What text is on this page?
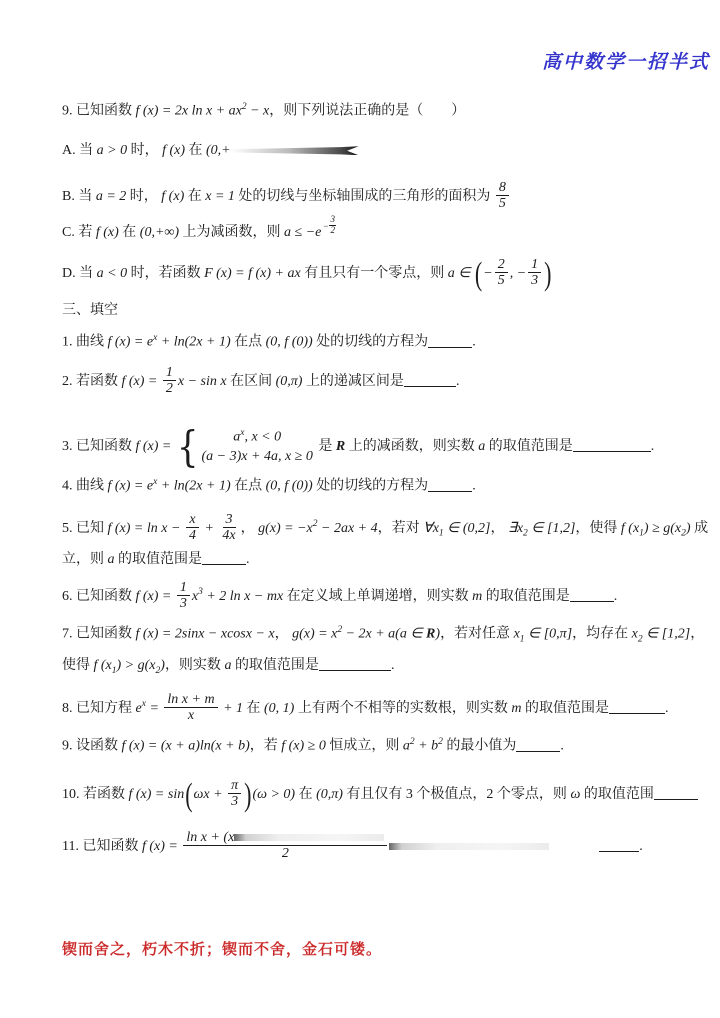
高中数学一招半式
9. 已知函数 f (x) = 2x $\ln x + ax^2 - x$，则下列说法正确的是（　　）
A. 当 a > 0 时， f (x) 在 (0,+
B. 当 a = 2 时， f (x) 在 x = 1 处的切线与坐标轴围成的三角形的面积为 $\frac{8}{5}$
C. 若 f (x) 在 (0,+∞) 上为减函数，则 $a \le -e - \frac{3}{2}$
D. 当 a < 0 时，若函数 F (x) = f (x) + ax 有且只有一个零点，则 a ∈ (− $\frac{2}{5}$ , − $\frac{1}{3}$ )
三、填空
1. 曲线 f $(x) = e^x + \ln(2x + 1)$ 在点 (0, f (0)) 处的切线的方程为	.
2. 若函数 f $(x) = \frac{1}{2}$ x − sin x 在区间 (0,π) 上的递减区间是	.
3. 已知函数 f (x) = { $a^x$, x < 0
(a − 3)x + 4a, x ≥ 0
是 R 上的减函数，则实数 a 的取值范围是	.
4. 曲线 f $(x) = e^x + \ln(2x + 1)$ 在点 (0, f (0)) 处的切线的方程为	.
5. 已知 f $(x) = \ln x - \frac{x}{4} + \frac{3}{4x}$ ， $g(x) = -x^2 - 2ax + 4$，若对 $\forall x_1$ ∈ (0,2]， $\exists x_2$ ∈ [1,2]，使得 f $(x_1) \ge g(x_2)$ 成
立，则 a 的取值范围是	.
6. 已知函数 f $(x) = \frac{1}{3} x^3 + 2$ ln x − mx 在定义域上单调递增，则实数 m 的取值范围是	.
7. 已知函数 f (x) = 2sinx − xcosx − x， $g(x) = x^2 - 2x + a(a$ ∈ R)，若对任意 $x_1$ ∈ [0,π]，均存在 $x_2$ ∈ [1,2]，
使得 f $(x_1) > g(x_2)$，则实数 a 的取值范围是	.
8. 已知方程 $e^x = \frac{\text{ln x + m}}{x} + 1$ 在 (0, 1) 上有两个不相等的实数根，则实数 m 的取值范围是	.
9. 设函数 f (x) = (x + a)ln(x + b)，若 f (x) ≥ 0 恒成立，则 $a^2 + b^2$ 的最小值为	.
10. 若函数 f $(x) = \sin(\omega x + \frac{\pi}{3} )(\omega > 0)$ 在 (0,π) 有且仅有 3 个极值点，2 个零点，则 ω 的取值范围
11. 已知函数 f $(x) = \frac{\text{ln x + (x}}{2}$	.
锲而舍之，朽木不折；锲而不舍，金石可镂。
